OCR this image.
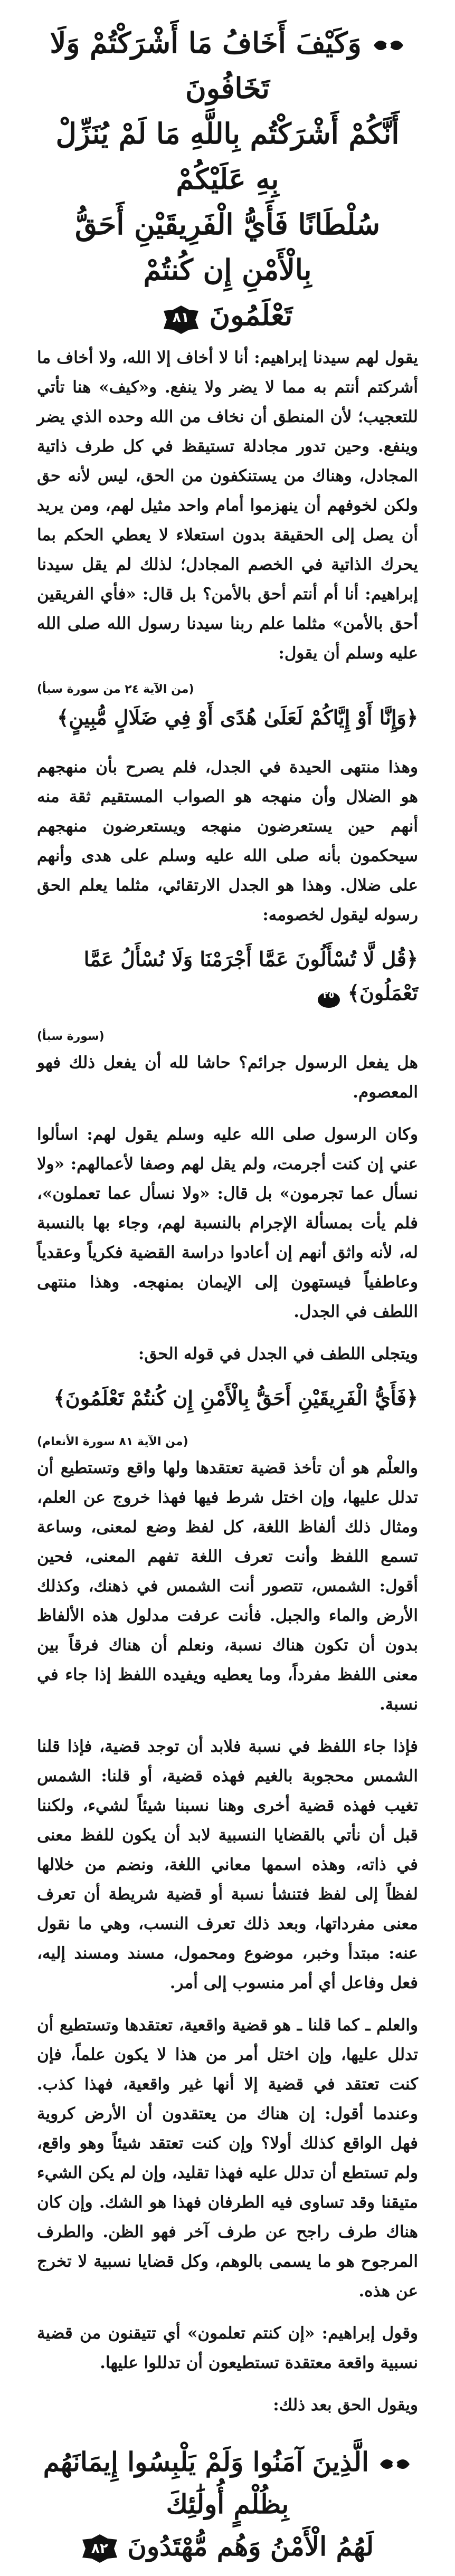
وَكَيْفَ أَخَافُ مَا أَشْرَكْتُمْ وَلَا تَخَافُونَ
أَنَّكُمْ أَشْرَكْتُم بِاللَّهِ مَا لَمْ يُنَزِّلْ بِهِ عَلَيْكُمْ
سُلْطَانًا فَأَيُّ الْفَرِيقَيْنِ أَحَقُّ بِالْأَمْنِ إِن كُنتُمْ
تَعْلَمُونَ
٨١

يقول لهم سيدنا إبراهيم: أنا لا أخاف إلا الله، ولا أخاف ما أشركتم أنتم به مما لا يضر ولا ينفع. و«كيف» هنا تأتي للتعجيب؛ لأن المنطق أن نخاف من الله وحده الذي يضر وينفع. وحين تدور مجادلة تستيقظ في كل طرف ذاتية المجادل، وهناك من يستنكفون من الحق، ليس لأنه حق ولكن لخوفهم أن ينهزموا أمام واحد مثيل لهم، ومن يريد أن يصل إلى الحقيقة بدون استعلاء لا يعطي الحكم بما يحرك الذاتية في الخصم المجادل؛ لذلك لم يقل سيدنا إبراهيم: أنا أم أنتم أحق بالأمن؟ بل قال: «فأي الفريقين أحق بالأمن» مثلما علم ربنا سيدنا رسول الله صلى الله عليه وسلم أن يقول:

(من الآية ٢٤ من سورة سبأ)
﴿وَإِنَّا أَوْ إِيَّاكُمْ لَعَلَىٰ هُدًى أَوْ فِي ضَلَالٍ مُّبِينٍ﴾

وهذا منتهى الحيدة في الجدل، فلم يصرح بأن منهجهم هو الضلال وأن منهجه هو الصواب المستقيم ثقة منه أنهم حين يستعرضون منهجه ويستعرضون منهجهم سيحكمون بأنه صلى الله عليه وسلم على هدى وأنهم على ضلال. وهذا هو الجدل الارتقائي، مثلما يعلم الحق رسوله ليقول لخصومه:

﴿قُل لَّا تُسْأَلُونَ عَمَّا أَجْرَمْنَا وَلَا نُسْأَلُ عَمَّا تَعْمَلُونَ﴾
٢٥
(سورة سبأ)

هل يفعل الرسول جرائم؟ حاشا لله أن يفعل ذلك فهو المعصوم.

وكان الرسول صلى الله عليه وسلم يقول لهم: اسألوا عني إن كنت أجرمت، ولم يقل لهم وصفا لأعمالهم: «ولا نسأل عما تجرمون» بل قال: «ولا نسأل عما تعملون»، فلم يأت بمسألة الإجرام بالنسبة لهم، وجاء بها بالنسبة له، لأنه واثق أنهم إن أعادوا دراسة القضية فكرياً وعقدياً وعاطفياً فيستهون إلى الإيمان بمنهجه. وهذا منتهى اللطف في الجدل.

ويتجلى اللطف في الجدل في قوله الحق:

﴿فَأَيُّ الْفَرِيقَيْنِ أَحَقُّ بِالْأَمْنِ إِن كُنتُمْ تَعْلَمُونَ﴾
(من الآية ٨١ سورة الأنعام)

والعلْم هو أن تأخذ قضية تعتقدها ولها واقع وتستطيع أن تدلل عليها، وإن اختل شرط فيها فهذا خروج عن العلم، ومثال ذلك ألفاظ اللغة، كل لفظ وضع لمعنى، وساعة تسمع اللفظ وأنت تعرف اللغة تفهم المعنى، فحين أقول: الشمس، تتصور أنت الشمس في ذهنك، وكذلك الأرض والماء والجبل. فأنت عرفت مدلول هذه الألفاظ بدون أن تكون هناك نسبة، ونعلم أن هناك فرقاً بين معنى اللفظ مفرداً، وما يعطيه ويفيده اللفظ إذا جاء في نسبة.

فإذا جاء اللفظ في نسبة فلابد أن توجد قضية، فإذا قلنا الشمس محجوبة بالغيم فهذه قضية، أو قلنا: الشمس تغيب فهذه قضية أخرى وهنا نسبنا شيئاً لشيء، ولكننا قبل أن نأتي بالقضايا النسبية لابد أن يكون للفظ معنى في ذاته، وهذه اسمها معاني اللغة، ونضم من خلالها لفظاً إلى لفظ فتنشأ نسبة أو قضية شريطة أن تعرف معنى مفرداتها، وبعد ذلك تعرف النسب، وهي ما نقول عنه: مبتدأ وخبر، موضوع ومحمول، مسند ومسند إليه، فعل وفاعل أي أمر منسوب إلى أمر.

والعلم ـ كما قلنا ـ هو قضية واقعية، تعتقدها وتستطيع أن تدلل عليها، وإن اختل أمر من هذا لا يكون علماً، فإن كنت تعتقد في قضية إلا أنها غير واقعية، فهذا كذب. وعندما أقول: إن هناك من يعتقدون أن الأرض كروية فهل الواقع كذلك أولا؟ وإن كنت تعتقد شيئاً وهو واقع، ولم تستطع أن تدلل عليه فهذا تقليد، وإن لم يكن الشيء متيقنا وقد تساوى فيه الطرفان فهذا هو الشك. وإن كان هناك طرف راجح عن طرف آخر فهو الظن. والطرف المرجوح هو ما يسمى بالوهم، وكل قضايا نسبية لا تخرج عن هذه.

وقول إبراهيم: «إن كنتم تعلمون» أي تتيقنون من قضية نسبية واقعة معتقدة تستطيعون أن تدللوا عليها.

ويقول الحق بعد ذلك:

الَّذِينَ آمَنُوا وَلَمْ يَلْبِسُوا إِيمَانَهُم بِظُلْمٍ أُولَٰئِكَ
لَهُمُ الْأَمْنُ وَهُم مُّهْتَدُونَ
٨٢
